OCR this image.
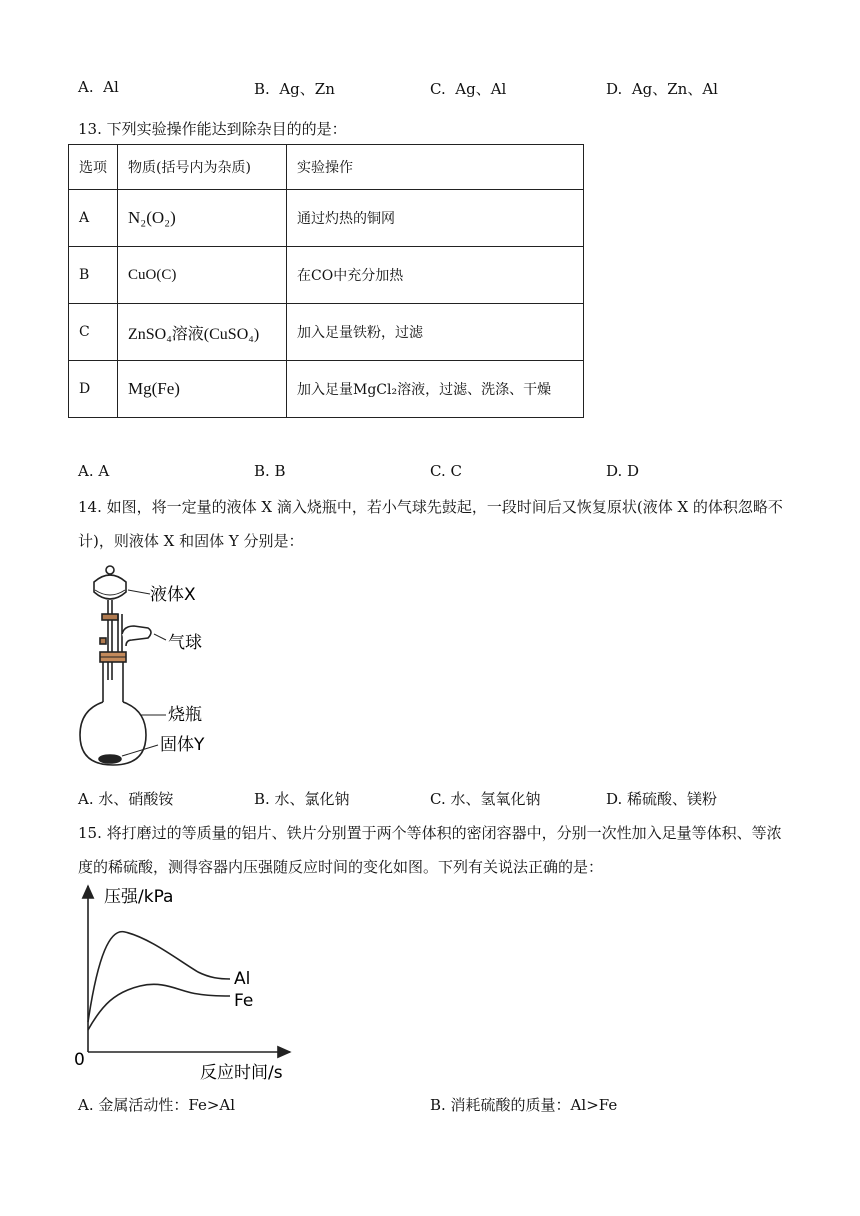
A. Al	B. Ag、Zn	C. Ag、Al	D. Ag、Zn、Al
13. 下列实验操作能达到除杂目的的是：
选项	物质(括号内为杂质)	实验操作
A	N₂(O₂)	通过灼热的铜网
B	CuO(C)	在CO中充分加热
C	ZnSO₄溶液(CuSO₄)	加入足量铁粉，过滤
D	Mg(Fe)	加入足量MgCl₂溶液，过滤、洗涤、干燥
A. A	B. B	C. C	D. D
14. 如图，将一定量的液体 X 滴入烧瓶中，若小气球先鼓起，一段时间后又恢复原状(液体 X 的体积忽略不
计)，则液体 X 和固体 Y 分别是：
液体X
气球
烧瓶
固体Y
A. 水、硝酸铵	B. 水、氯化钠	C. 水、氢氧化钠	D. 稀硫酸、镁粉
15. 将打磨过的等质量的铝片、铁片分别置于两个等体积的密闭容器中，分别一次性加入足量等体积、等浓
度的稀硫酸，测得容器内压强随反应时间的变化如图。下列有关说法正确的是：
压强/kPa
0
反应时间/s
Al
Fe
A. 金属活动性：Fe>Al	B. 消耗硫酸的质量：Al>Fe
